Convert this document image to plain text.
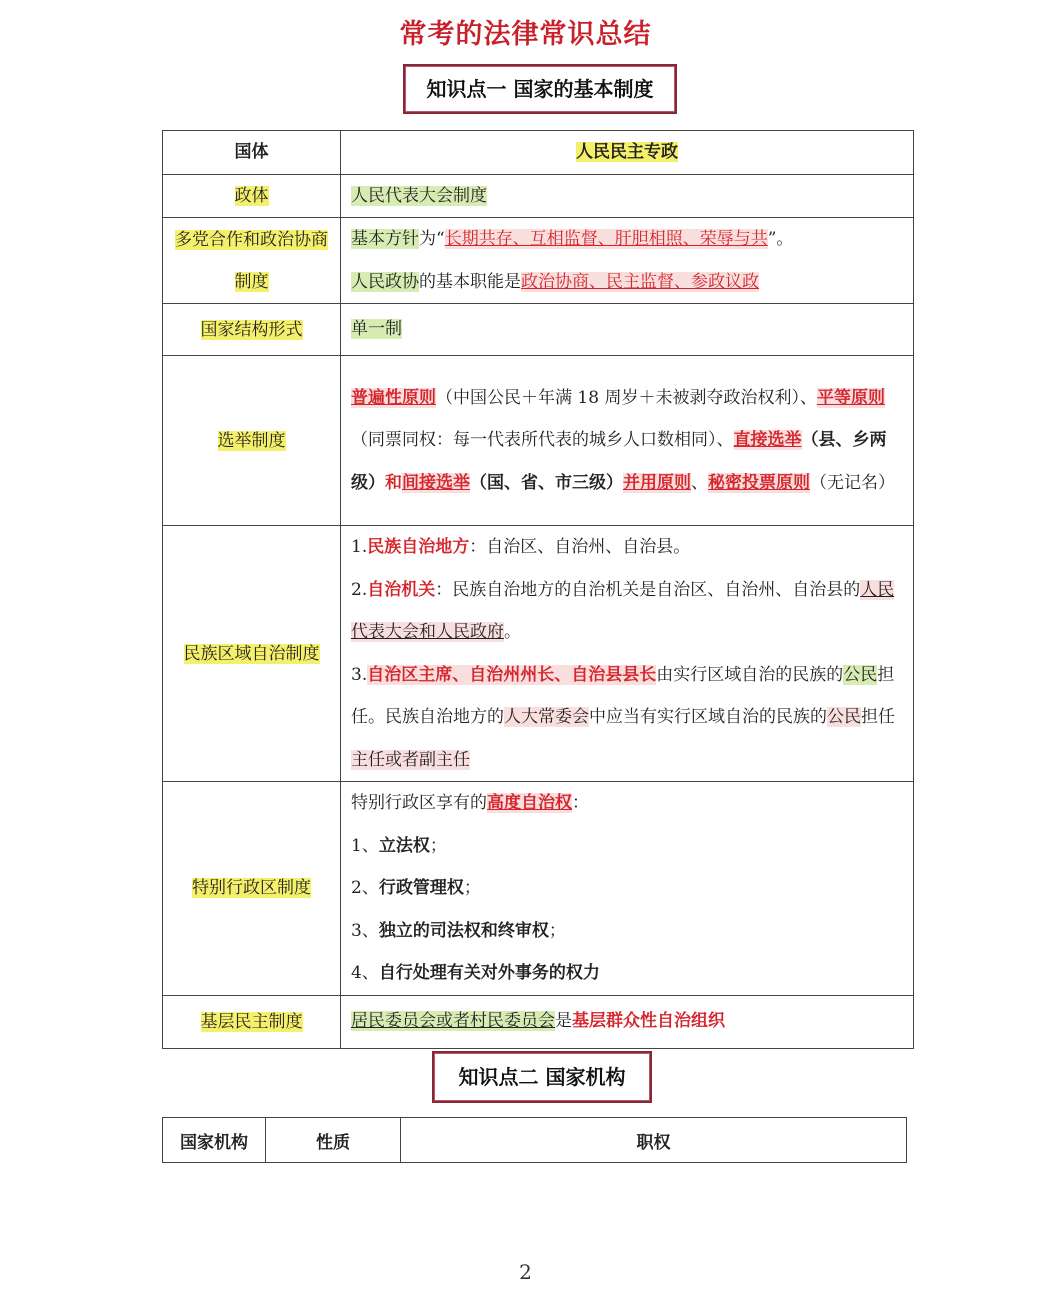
常考的法律常识总结
知识点一 国家的基本制度
国体	人民民主专政
政体	人民代表大会制度
多党合作和政治协商制度	基本方针为“长期共存、互相监督、肝胆相照、荣辱与共”。
人民政协的基本职能是政治协商、民主监督、参政议政

国家结构形式	单一制
选举制度	普遍性原则（中国公民＋年满 18 周岁＋未被剥夺政治权利）、平等原则（同票同权：每一代表所代表的城乡人口数相同）、直接选举（县、乡两级）和间接选举（国、省、市三级）并用原则、秘密投票原则（无记名）
民族区域自治制度	1.民族自治地方：自治区、自治州、自治县。
2.自治机关：民族自治地方的自治机关是自治区、自治州、自治县的人民代表大会和人民政府。
3.自治区主席、自治州州长、自治县县长由实行区域自治的民族的公民担任。民族自治地方的人大常委会中应当有实行区域自治的民族的公民担任主任或者副主任

特别行政区制度	特别行政区享有的高度自治权：
1、立法权；
2、行政管理权；
3、独立的司法权和终审权；
4、自行处理有关对外事务的权力

基层民主制度	居民委员会或者村民委员会是基层群众性自治组织
知识点二 国家机构
国家机构	性质	职权
2
